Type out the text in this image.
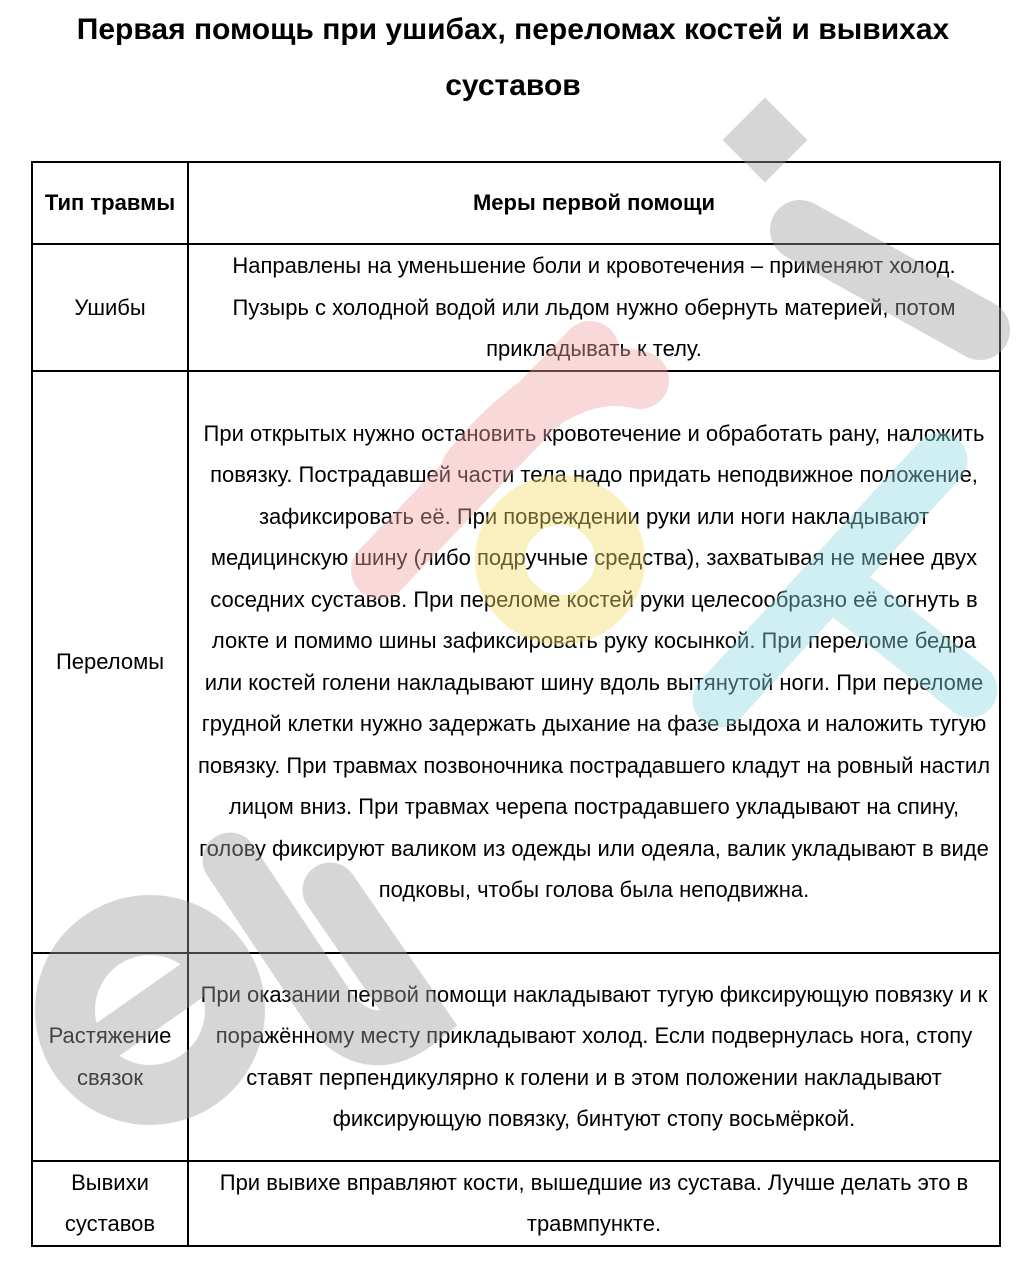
Первая помощь при ушибах, переломах костей и вывихах суставов
Тип травмы	Меры первой помощи
Ушибы	Направлены на уменьшение боли и кровотечения – применяют холод. Пузырь с холодной водой или льдом нужно обернуть материей, потом прикладывать к телу.
Переломы	При открытых нужно остановить кровотечение и обработать рану, наложить повязку. Пострадавшей части тела надо придать неподвижное положение, зафиксировать её. При повреждении руки или ноги накладывают медицинскую шину (либо подручные средства), захватывая не менее двух соседних суставов. При переломе костей руки целесообразно её согнуть в локте и помимо шины зафиксировать руку косынкой. При переломе бедра или костей голени накладывают шину вдоль вытянутой ноги. При переломе грудной клетки нужно задержать дыхание на фазе выдоха и наложить тугую повязку. При травмах позвоночника пострадавшего кладут на ровный настил лицом вниз. При травмах черепа пострадавшего укладывают на спину, голову фиксируют валиком из одежды или одеяла, валик укладывают в виде подковы, чтобы голова была неподвижна.
Растяжение связок	При оказании первой помощи накладывают тугую фиксирующую повязку и к поражённому месту прикладывают холод. Если подвернулась нога, стопу ставят перпендикулярно к голени и в этом положении накладывают фиксирующую повязку, бинтуют стопу восьмёркой.
Вывихи суставов	При вывихе вправляют кости, вышедшие из сустава. Лучше делать это в травмпункте.
